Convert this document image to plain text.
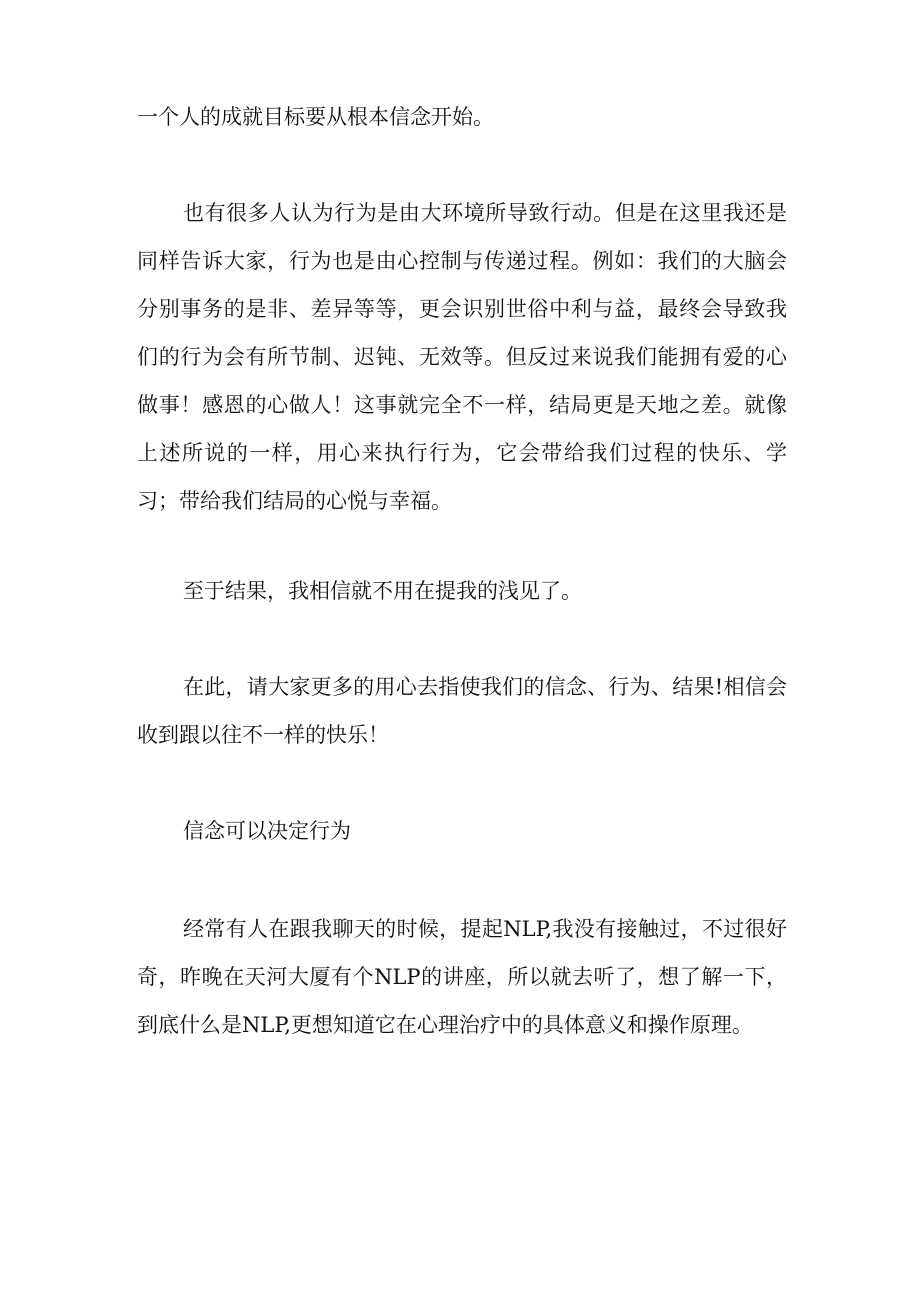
一个人的成就目标要从根本信念开始。

也有很多人认为行为是由大环境所导致行动。但是在这里我还是同样告诉大家，行为也是由心控制与传递过程。例如：我们的大脑会分别事务的是非、差异等等，更会识别世俗中利与益，最终会导致我们的行为会有所节制、迟钝、无效等。但反过来说我们能拥有爱的心做事！感恩的心做人！这事就完全不一样，结局更是天地之差。就像上述所说的一样，用心来执行行为，它会带给我们过程的快乐、学习；带给我们结局的心悦与幸福。

至于结果，我相信就不用在提我的浅见了。

在此，请大家更多的用心去指使我们的信念、行为、结果!相信会收到跟以往不一样的快乐！

信念可以决定行为

经常有人在跟我聊天的时候，提起NLP,我没有接触过，不过很好奇，昨晚在天河大厦有个NLP的讲座，所以就去听了，想了解一下，到底什么是NLP,更想知道它在心理治疗中的具体意义和操作原理。
